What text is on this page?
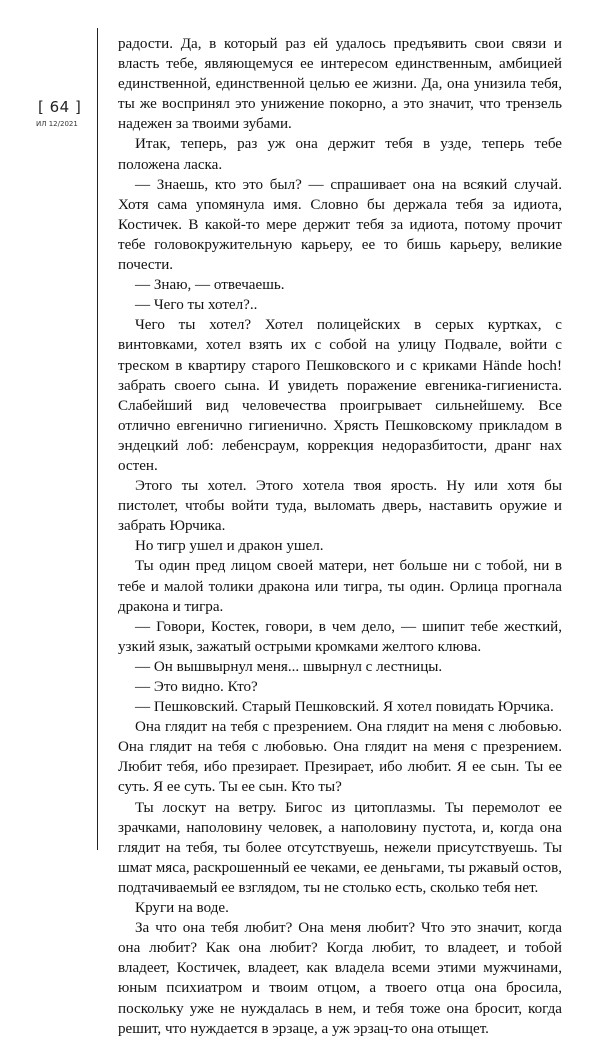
[ 64 ]
ИЛ 12/2021

радости. Да, в который раз ей удалось предъявить свои связи и власть тебе, являющемуся ее интересом единственным, амбицией единственной, единственной целью ее жизни. Да, она унизила тебя, ты же воспринял это унижение покорно, а это значит, что трензель надежен за твоими зубами.

Итак, теперь, раз уж она держит тебя в узде, теперь тебе положена ласка.

— Знаешь, кто это был? — спрашивает она на всякий случай. Хотя сама упомянула имя. Словно бы держала тебя за идиота, Костичек. В какой-то мере держит тебя за идиота, потому прочит тебе головокружительную карьеру, ее то бишь карьеру, великие почести.

— Знаю, — отвечаешь.

— Чего ты хотел?..

Чего ты хотел? Хотел полицейских в серых куртках, с винтовками, хотел взять их с собой на улицу Подвале, войти с треском в квартиру старого Пешковского и с криками Hände hoch! забрать своего сына. И увидеть поражение евгеника-гигиениста. Слабейший вид человечества проигрывает сильнейшему. Все отлично евгенично гигиенично. Хрясть Пешковскому прикладом в эндецкий лоб: лебенсраум, коррекция недоразбитости, дранг нах остен.

Этого ты хотел. Этого хотела твоя ярость. Ну или хотя бы пистолет, чтобы войти туда, выломать дверь, наставить оружие и забрать Юрчика.

Но тигр ушел и дракон ушел.

Ты один пред лицом своей матери, нет больше ни с тобой, ни в тебе и малой толики дракона или тигра, ты один. Орлица прогнала дракона и тигра.

— Говори, Костек, говори, в чем дело, — шипит тебе жесткий, узкий язык, зажатый острыми кромками желтого клюва.

— Он вышвырнул меня... швырнул с лестницы.

— Это видно. Кто?

— Пешковский. Старый Пешковский. Я хотел повидать Юрчика.

Она глядит на тебя с презрением. Она глядит на меня с любовью. Она глядит на тебя с любовью. Она глядит на меня с презрением. Любит тебя, ибо презирает. Презирает, ибо любит. Я ее сын. Ты ее суть. Я ее суть. Ты ее сын. Кто ты?

Ты лоскут на ветру. Бигос из цитоплазмы. Ты перемолот ее зрачками, наполовину человек, а наполовину пустота, и, когда она глядит на тебя, ты более отсутствуешь, нежели присутствуешь. Ты шмат мяса, раскрошенный ее чеками, ее деньгами, ты ржавый остов, подтачиваемый ее взглядом, ты не столько есть, сколько тебя нет.

Круги на воде.

За что она тебя любит? Она меня любит? Что это значит, когда она любит? Как она любит? Когда любит, то владеет, и тобой владеет, Костичек, владеет, как владела всеми этими мужчинами, юным психиатром и твоим отцом, а твоего отца она бросила, поскольку уже не нуждалась в нем, и тебя тоже она бросит, когда решит, что нуждается в эрзаце, а уж эрзац-то она отыщет.
